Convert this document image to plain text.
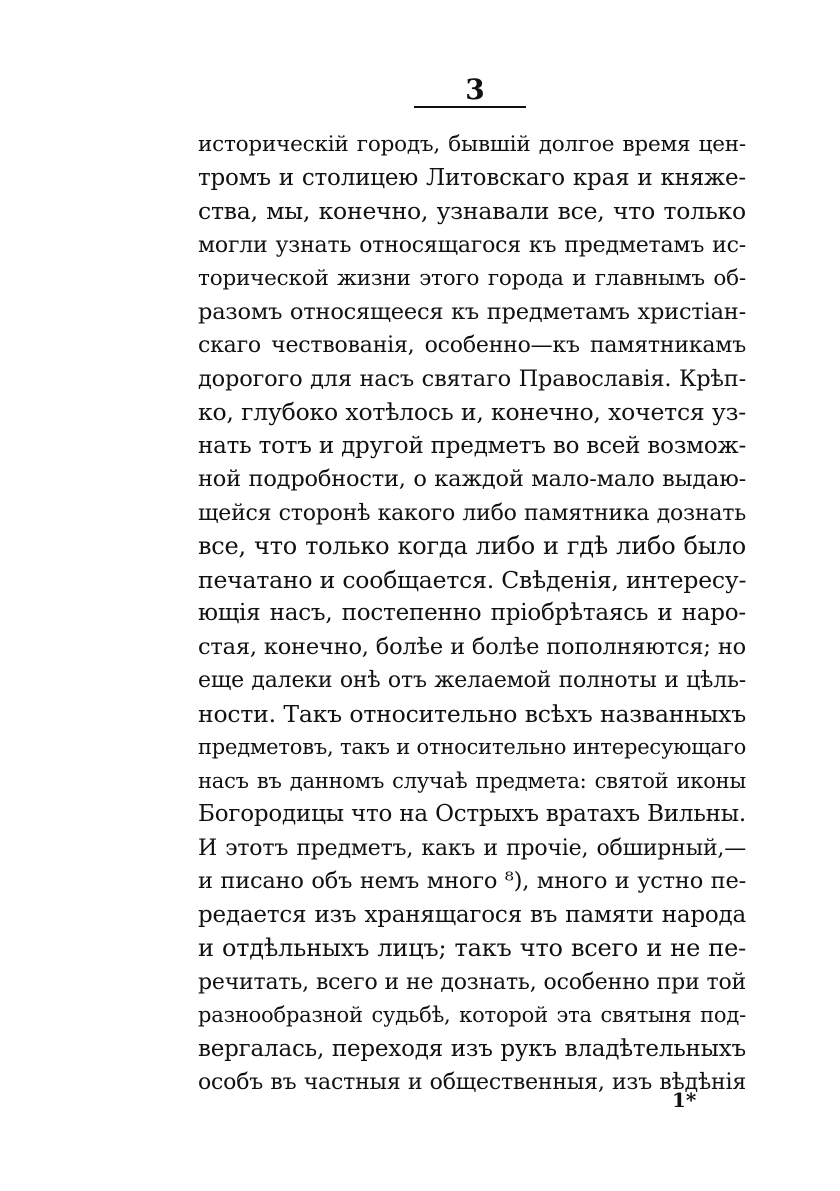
3
историческій городъ, бывшій долгое время цен-
тромъ и столицею Литовскаго края и княже-
ства, мы, конечно, узнавали все, что только
могли узнать относящагося къ предметамъ ис-
торической жизни этого города и главнымъ об-
разомъ относящееся къ предметамъ христіан-
скаго чествованія, особенно—къ памятникамъ
дорогого для насъ святаго Православія. Крѣп-
ко, глубоко хотѣлось и, конечно, хочется уз-
нать тотъ и другой предметъ во всей возмож-
ной подробности, о каждой мало-мало выдаю-
щейся сторонѣ какого либо памятника дознать
все, что только когда либо и гдѣ либо было
печатано и сообщается. Свѣденія, интересу-
ющія насъ, постепенно пріобрѣтаясь и наро-
стая, конечно, болѣе и болѣе пополняются; но
еще далеки онѣ отъ желаемой полноты и цѣль-
ности. Такъ относительно всѣхъ названныхъ
предметовъ, такъ и относительно интересующаго
насъ въ данномъ случаѣ предмета: святой иконы
Богородицы что на Острыхъ вратахъ Вильны.
И этотъ предметъ, какъ и прочіе, обширный,—
и писано объ немъ много ⁸), много и устно пе-
редается изъ хранящагося въ памяти народа
и отдѣльныхъ лицъ; такъ что всего и не пе-
речитать, всего и не дознать, особенно при той
разнообразной судьбѣ, которой эта святыня под-
вергалась, переходя изъ рукъ владѣтельныхъ
особъ въ частныя и общественныя, изъ вѣдѣнія
1*
